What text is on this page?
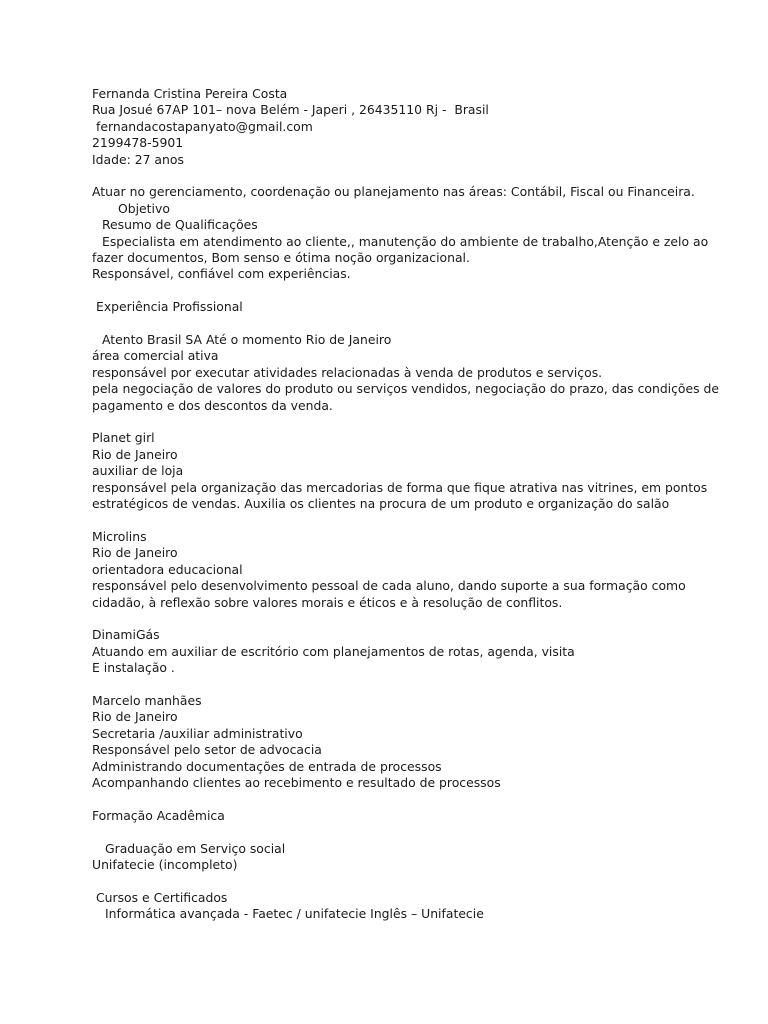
Fernanda Cristina Pereira Costa
Rua Josué 67AP 101– nova Belém - Japeri , 26435110 Rj -  Brasil
fernandacostapanyato@gmail.com
2199478-5901
Idade: 27 anos
Atuar no gerenciamento, coordenação ou planejamento nas áreas: Contábil, Fiscal ou Financeira.
Objetivo
Resumo de Qualificações
Especialista em atendimento ao cliente,, manutenção do ambiente de trabalho,Atenção e zelo ao
fazer documentos, Bom senso e ótima noção organizacional.
Responsável, confiável com experiências.
Experiência Profissional
Atento Brasil SA Até o momento Rio de Janeiro
área comercial ativa
responsável por executar atividades relacionadas à venda de produtos e serviços.
pela negociação de valores do produto ou serviços vendidos, negociação do prazo, das condições de
pagamento e dos descontos da venda.
Planet girl
Rio de Janeiro
auxiliar de loja
responsável pela organização das mercadorias de forma que fique atrativa nas vitrines, em pontos
estratégicos de vendas. Auxilia os clientes na procura de um produto e organização do salão
Microlins
Rio de Janeiro
orientadora educacional
responsável pelo desenvolvimento pessoal de cada aluno, dando suporte a sua formação como
cidadão, à reflexão sobre valores morais e éticos e à resolução de conflitos.
DinamiGás
Atuando em auxiliar de escritório com planejamentos de rotas, agenda, visita
E instalação .
Marcelo manhães
Rio de Janeiro
Secretaria /auxiliar administrativo
Responsável pelo setor de advocacia
Administrando documentações de entrada de processos
Acompanhando clientes ao recebimento e resultado de processos
Formação Acadêmica
Graduação em Serviço social
Unifatecie (incompleto)
Cursos e Certificados
Informática avançada - Faetec / unifatecie Inglês – Unifatecie
